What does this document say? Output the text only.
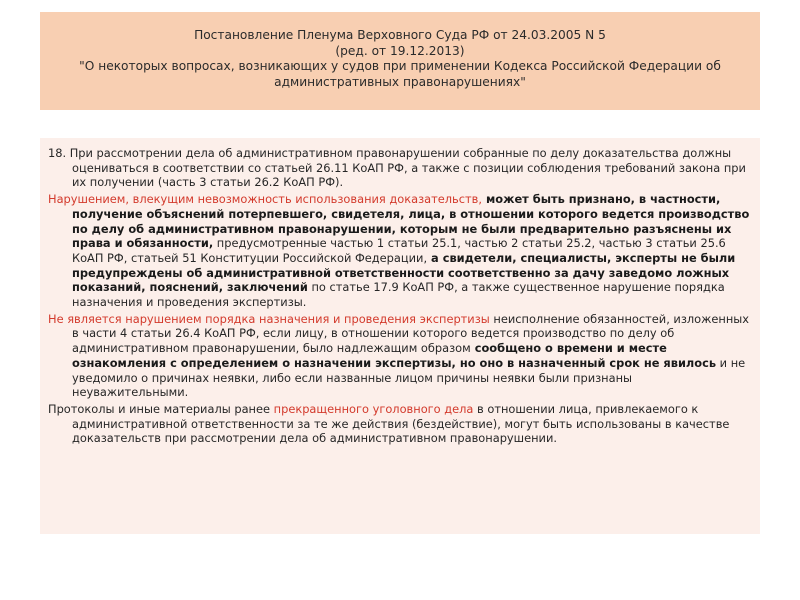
Постановление Пленума Верховного Суда РФ от 24.03.2005 N 5
(ред. от 19.12.2013)
"О некоторых вопросах, возникающих у судов при применении Кодекса Российской Федерации об
административных правонарушениях"

18. При рассмотрении дела об административном правонарушении собранные по делу доказательства должны оцениваться в соответствии со статьей 26.11 КоАП РФ, а также с позиции соблюдения требований закона при их получении (часть 3 статьи 26.2 КоАП РФ).

Нарушением, влекущим невозможность использования доказательств, может быть признано, в частности, получение объяснений потерпевшего, свидетеля, лица, в отношении которого ведется производство по делу об административном правонарушении, которым не были предварительно разъяснены их права и обязанности, предусмотренные частью 1 статьи 25.1, частью 2 статьи 25.2, частью 3 статьи 25.6 КоАП РФ, статьей 51 Конституции Российской Федерации, а свидетели, специалисты, эксперты не были предупреждены об административной ответственности соответственно за дачу заведомо ложных показаний, пояснений, заключений по статье 17.9 КоАП РФ, а также существенное нарушение порядка назначения и проведения экспертизы.

Не является нарушением порядка назначения и проведения экспертизы неисполнение обязанностей, изложенных в части 4 статьи 26.4 КоАП РФ, если лицу, в отношении которого ведется производство по делу об административном правонарушении, было надлежащим образом сообщено о времени и месте ознакомления с определением о назначении экспертизы, но оно в назначенный срок не явилось и не уведомило о причинах неявки, либо если названные лицом причины неявки были признаны неуважительными.

Протоколы и иные материалы ранее прекращенного уголовного дела в отношении лица, привлекаемого к административной ответственности за те же действия (бездействие), могут быть использованы в качестве доказательств при рассмотрении дела об административном правонарушении.
